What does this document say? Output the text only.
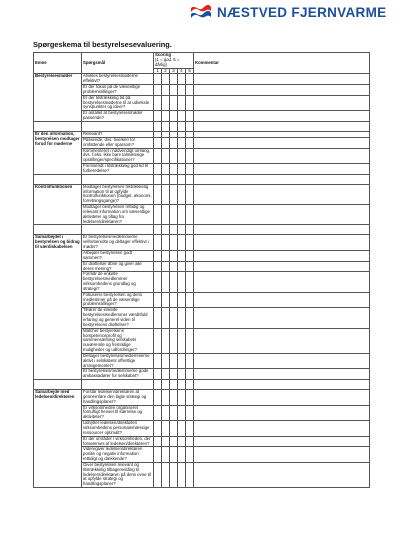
NÆSTVED FJERNVARME
Spørgeskema til bestyrelsesevaluering.
Emne	Spørgsmål	Scoring
(1 = god, 5 = dårlig)					Kommentar
		1	2	3	4	5	
Bestyrelsesmøder	Afvikles bestyrelsesmøderne effektivt?						
	Er der fokus på de væsentlige problemstillinger?						
	Er der tilstrækkelig tid på bestyrelsesmøderne til at udveksle synspunkter og ideer?						
	Er antallet af bestyrelsesmøder passende?						

Er den information, bestyrelsen modtager forud for møderne	Relevant?						
	Passende, dvs. hverken for omfattende eller sparsom?						
	Kommenteret i nødvendigt omfang, dvs. f.eks. ikke bare talmæssige opstillinger/specifikationer?						
	Fremsendt i tilstrækkelig god tid til forberedelse?						

Kontrolfunktionen	Modtager bestyrelsen tilstrækkelig information til at opfylde kontrolfunktionen (budget, økonomi, forretningsgange)?						
	Modtager bestyrelsen rettidig og relevant information om væsentlige aktiviteter og tiltag fra ledelsen/direktøren?						

Samarbejdet i bestyrelsen og bidrag til værdiskabelsen	Er bestyrelsesmedlemmerne velforberedte og deltager effektivt i møder?						
	Arbejder bestyrelsen godt sammen?						
	Er drøftelser åbne og giver alle deres mening?						
	Formår de enkelte bestyrelsesmedlemmer virksomhedens grundlag og strategi?						
	Fokuserer bestyrelsen og dens medlemmer på de væsentlige problemstillinger?						
	Tilfører de enkelte bestyrelsesmedlemmer værditfuld erfaring og generel viden til bestyrelsens drøftelser?						
	Matcher bestyrelsens kompetenceprofil og sammensætning selskabets nuværende og fremtidige muligheder og udfordringer?						
	Deltager bestyrelsesmedlemmerne aktivt i selskabets offentlige arrangementer?						
	Er bestyrelsesmedlemmerne gode ambassadører for selskabet?						

Samarbejde med ledelsen/direktøren	Forstår ledelsen/direktøren at gennemføre den lagte strategi og handlingsplaner?						
	Er virksomheden organiseret fornuftigt henset til størrelse og aktiviteter?						
	Udnytter ledelsen/direktøren virksomhedens personalemæssige ressourcer optimalt?						
	Er der områder i virksomheden, der forsømmes af ledelsen/direktøren?						
	Videregiver ledelsen/direktøren positiv og negativ information rettidigt og dækkende?						
	Giver bestyrelsen relevant og tilstrækkelig tilbagemelding til ledelsen/direktøren på dens evne til at opfylde strategi og handlingsplaner?						
